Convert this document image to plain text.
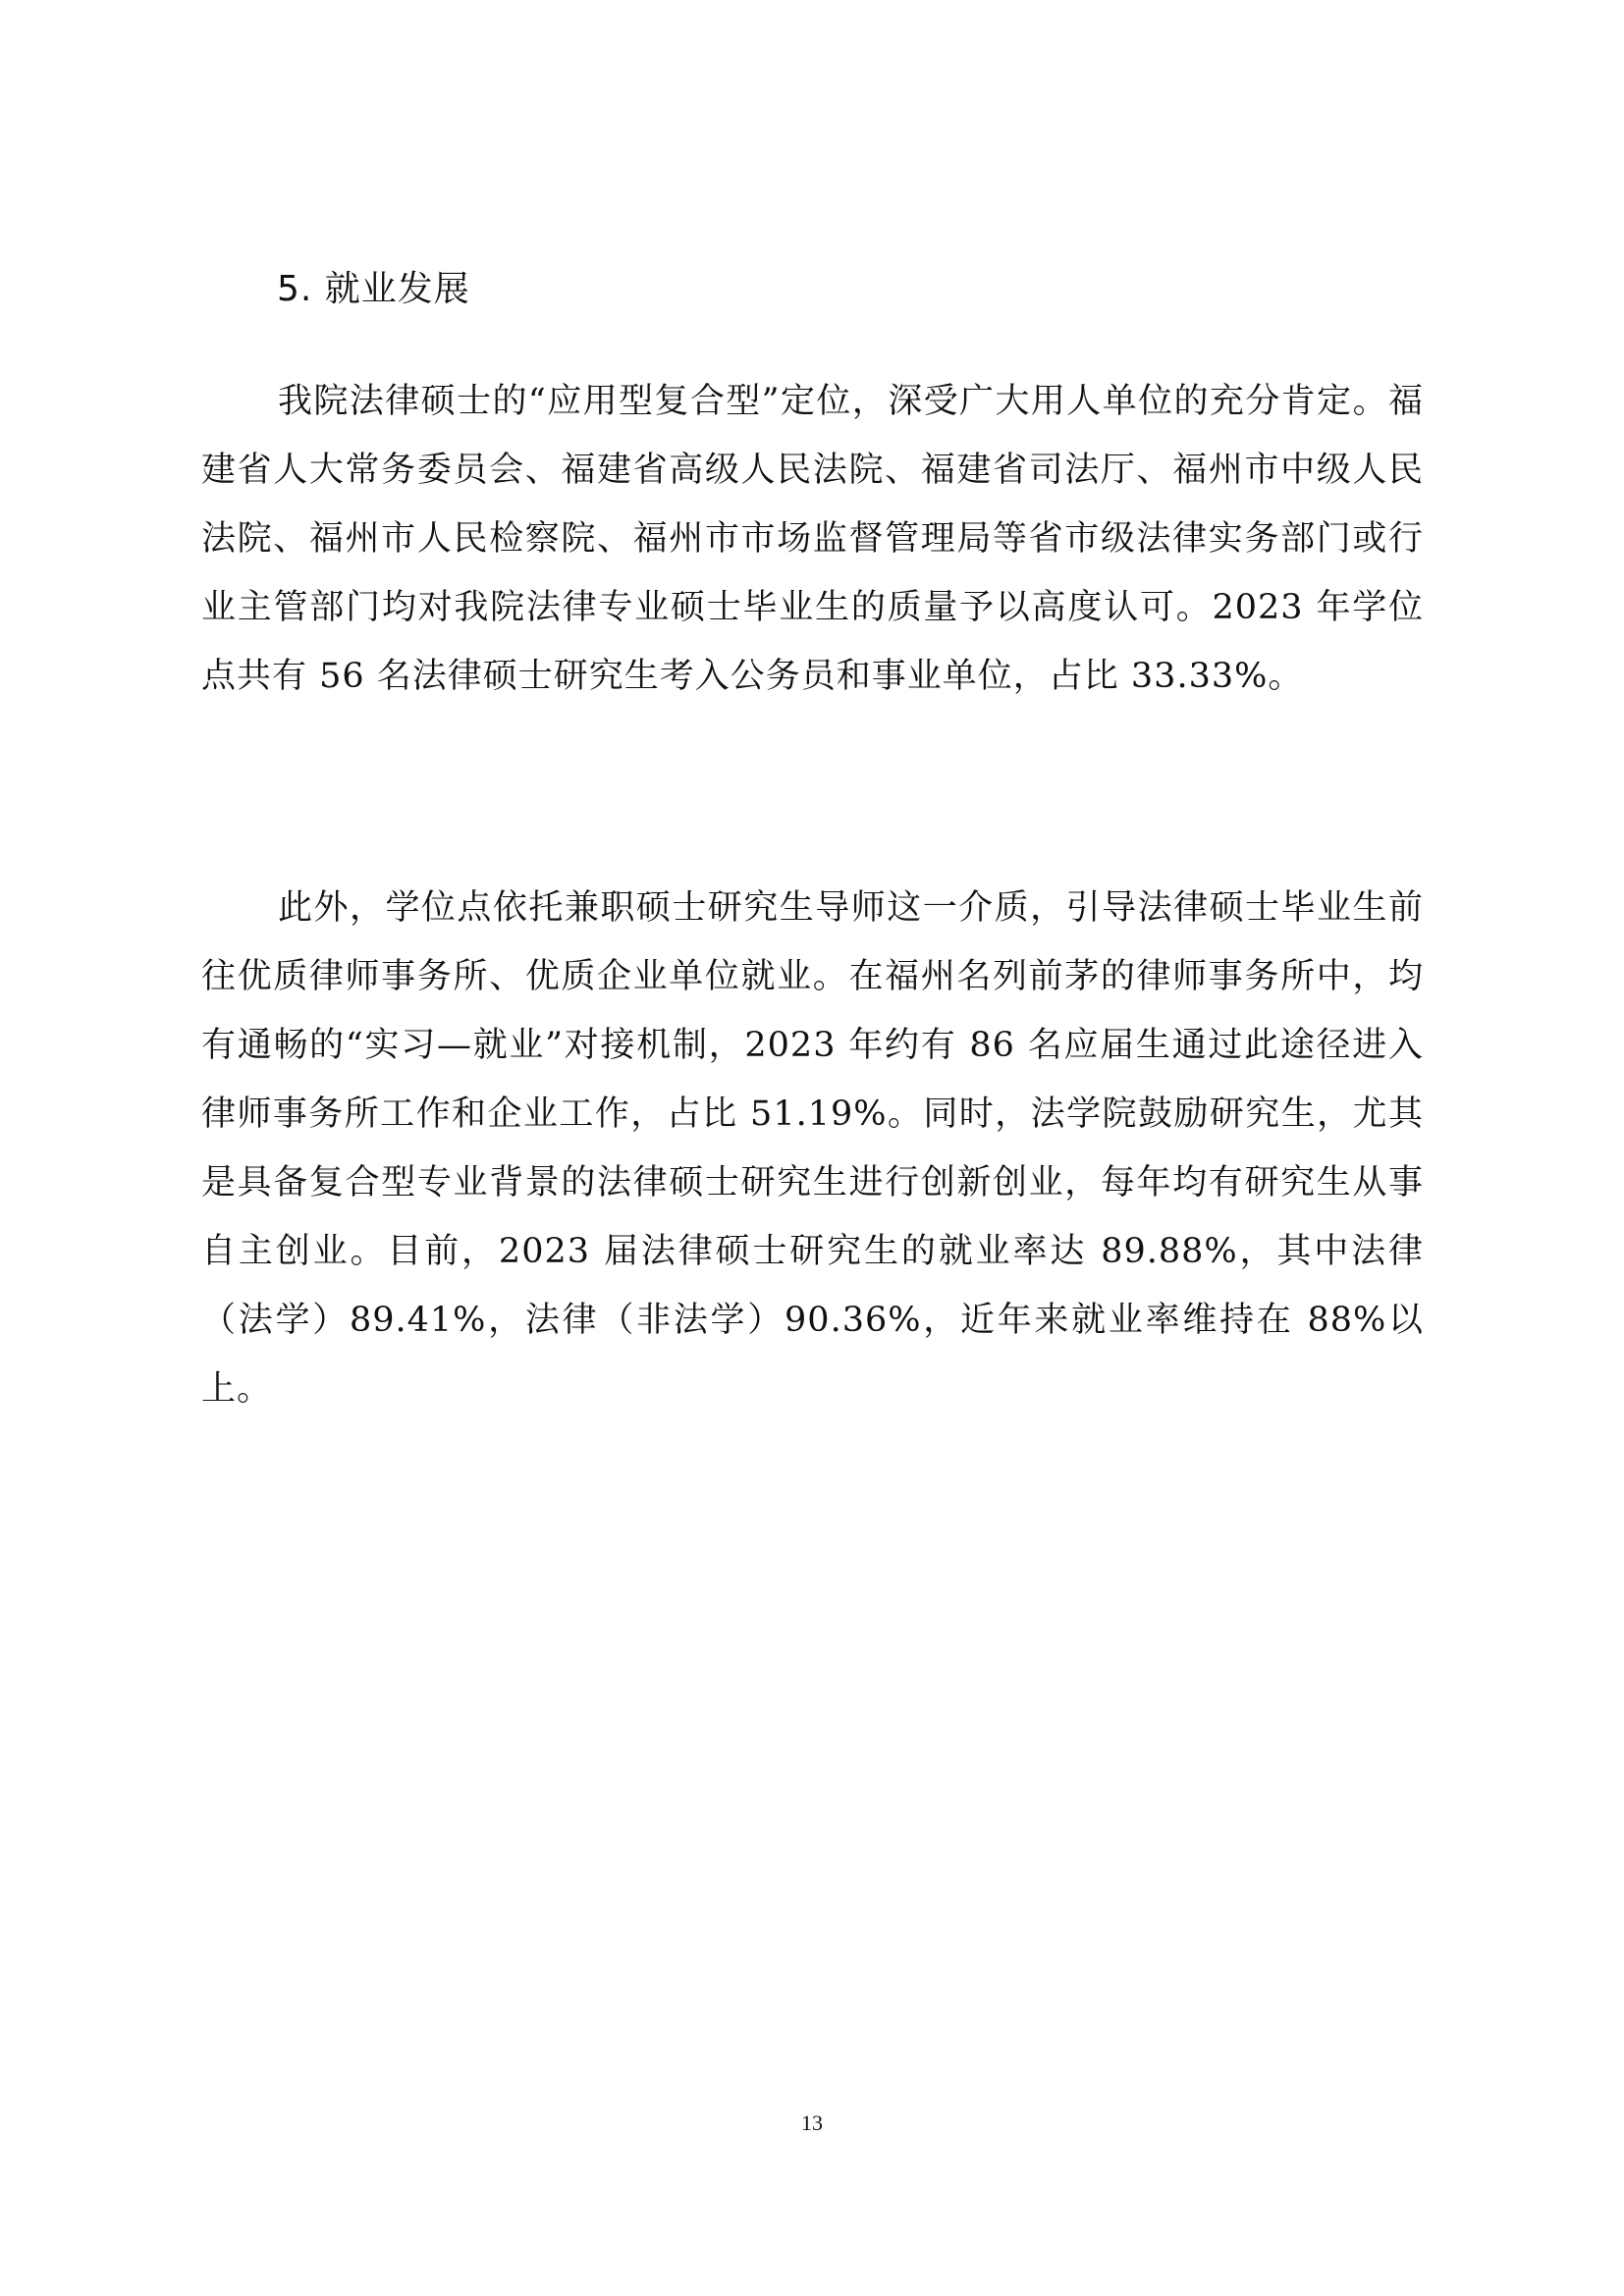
5. 就业发展

我院法律硕士的“应用型复合型”定位，深受广大用人单位的充分肯定。福建省人大常务委员会、福建省高级人民法院、福建省司法厅、福州市中级人民法院、福州市人民检察院、福州市市场监督管理局等省市级法律实务部门或行业主管部门均对我院法律专业硕士毕业生的质量予以高度认可。2023 年学位点共有 56 名法律硕士研究生考入公务员和事业单位，占比 33.33%。

此外，学位点依托兼职硕士研究生导师这一介质，引导法律硕士毕业生前往优质律师事务所、优质企业单位就业。在福州名列前茅的律师事务所中，均有通畅的“实习—就业”对接机制，2023 年约有 86 名应届生通过此途径进入律师事务所工作和企业工作，占比 51.19%。同时，法学院鼓励研究生，尤其是具备复合型专业背景的法律硕士研究生进行创新创业，每年均有研究生从事自主创业。目前，2023 届法律硕士研究生的就业率达 89.88%，其中法律（法学）89.41%，法律（非法学）90.36%，近年来就业率维持在 88%以上。

13
